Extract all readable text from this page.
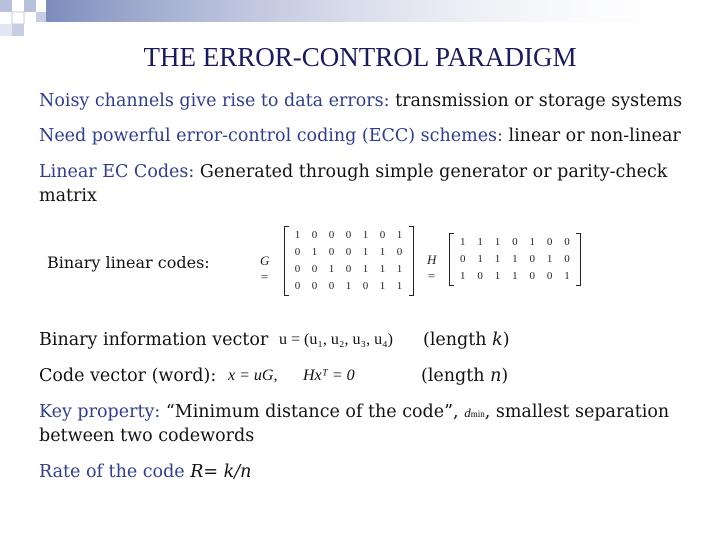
THE ERROR-CONTROL PARADIGM
Noisy channels give rise to data errors: transmission or storage systems
Need powerful error-control coding (ECC) schemes: linear or non-linear
Linear EC Codes: Generated through simple generator or parity-check
matrix
Binary linear codes:	G =
1	0	0	0	1	0	1
0	1	0	0	1	1	0
0	0	1	0	1	1	1
0	0	0	1	0	1	1
H =
1	1	1	0	1	0	0
0	1	1	1	0	1	0
1	0	1	1	0	0	1
Binary information vector u = (u₁, u₂, u₃, u₄) (length k)
Code vector (word): x = uG, Hxᵀ = 0	(length n)
Key property: “Minimum distance of the code”, dmin, smallest separation
between two codewords
Rate of the code R= k/n
